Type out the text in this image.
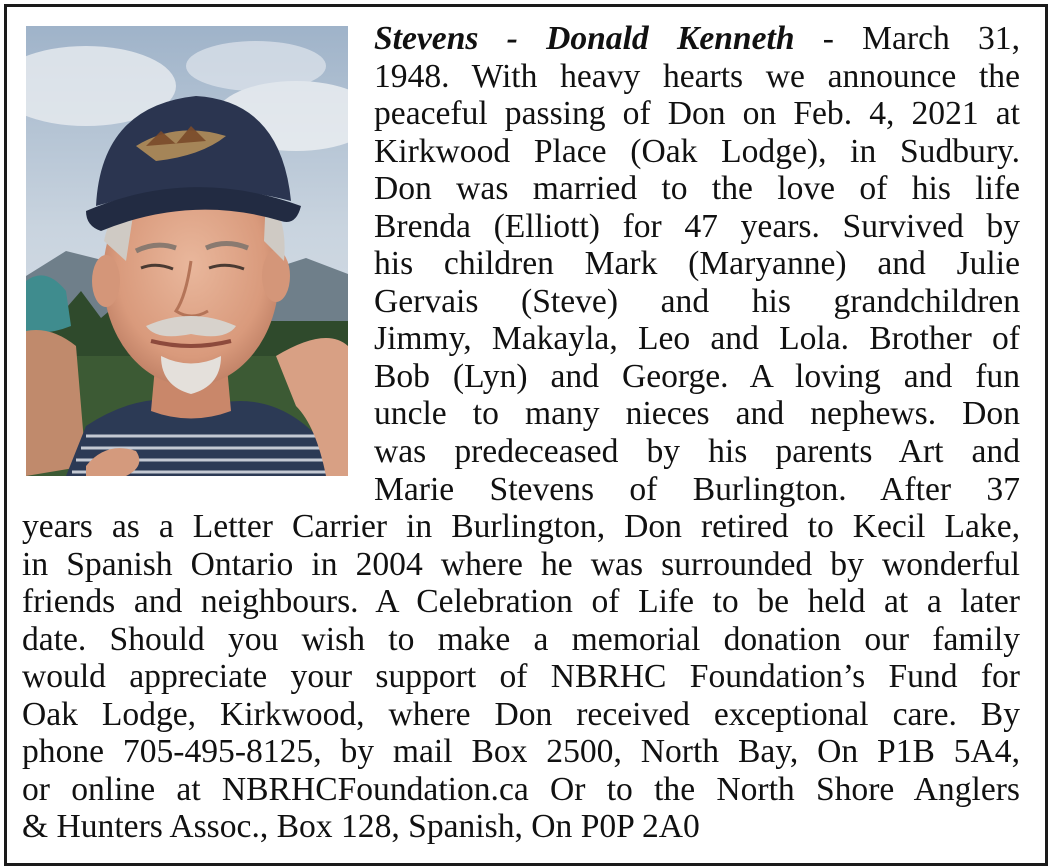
Stevens - Donald Kenneth - March 31,
1948. With heavy hearts we announce the
peaceful passing of Don on Feb. 4, 2021 at
Kirkwood Place (Oak Lodge), in Sudbury.
Don was married to the love of his life
Brenda (Elliott) for 47 years. Survived by
his children Mark (Maryanne) and Julie
Gervais (Steve) and his grandchildren
Jimmy, Makayla, Leo and Lola. Brother of
Bob (Lyn) and George. A loving and fun
uncle to many nieces and nephews. Don
was predeceased by his parents Art and
Marie Stevens of Burlington. After 37
years as a Letter Carrier in Burlington, Don retired to Kecil Lake,
in Spanish Ontario in 2004 where he was surrounded by wonderful
friends and neighbours. A Celebration of Life to be held at a later
date. Should you wish to make a memorial donation our family
would appreciate your support of NBRHC Foundation’s Fund for
Oak Lodge, Kirkwood, where Don received exceptional care. By
phone 705-495-8125, by mail Box 2500, North Bay, On P1B 5A4,
or online at NBRHCFoundation.ca Or to the North Shore Anglers
& Hunters Assoc., Box 128, Spanish, On P0P 2A0
